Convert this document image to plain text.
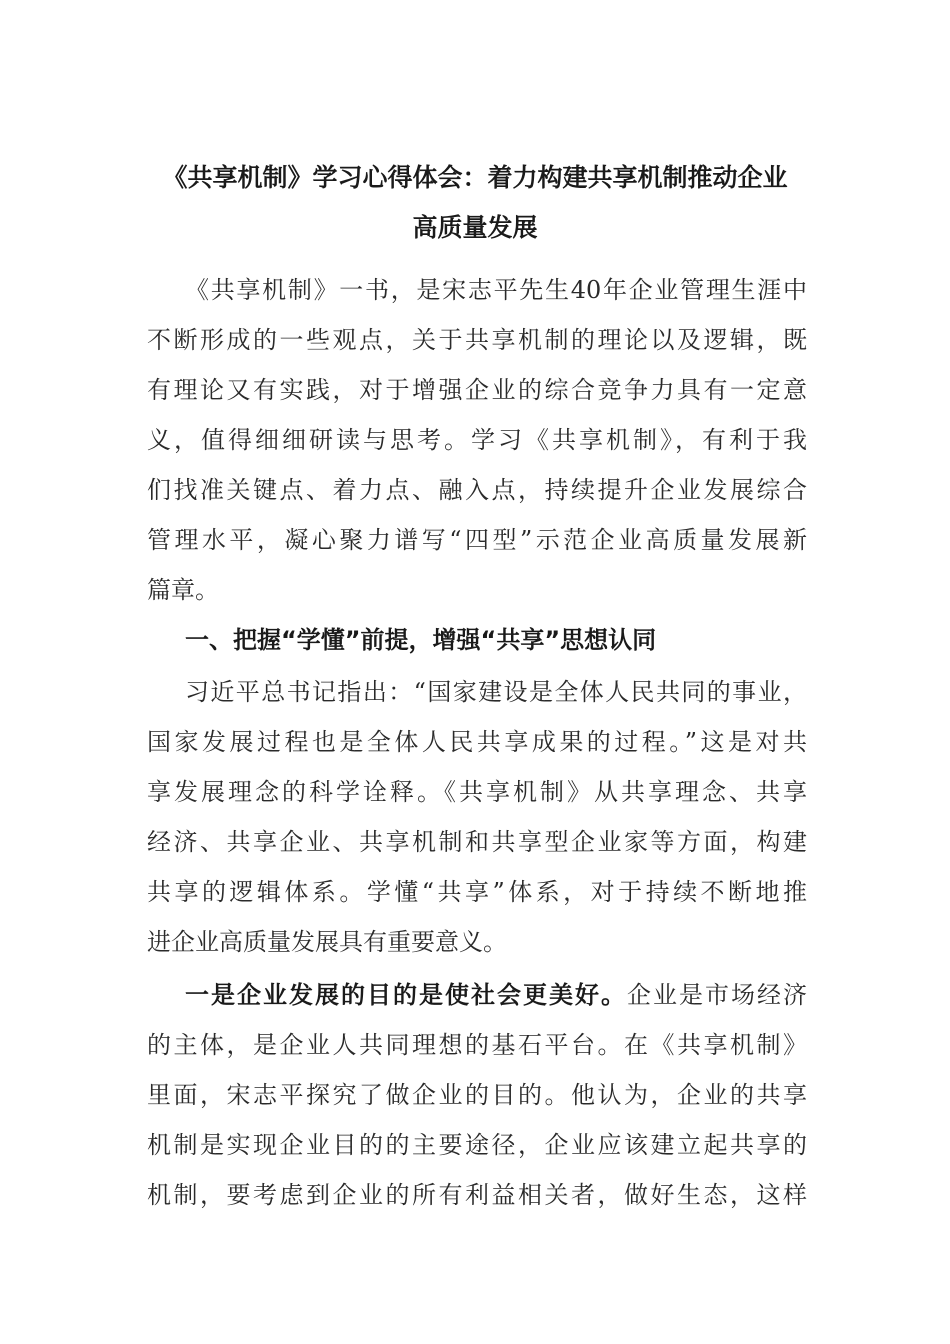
《共享机制》学习心得体会：着力构建共享机制推动企业
高质量发展

《共享机制》一书，是宋志平先生40年企业管理生涯中

不断形成的一些观点，关于共享机制的理论以及逻辑，既

有理论又有实践，对于增强企业的综合竞争力具有一定意

义，值得细细研读与思考。学习《共享机制》，有利于我

们找准关键点、着力点、融入点，持续提升企业发展综合

管理水平，凝心聚力谱写“四型”示范企业高质量发展新

篇章。

一、把握“学懂”前提，增强“共享”思想认同

习近平总书记指出：“国家建设是全体人民共同的事业，

国家发展过程也是全体人民共享成果的过程。”这是对共

享发展理念的科学诠释。《共享机制》从共享理念、共享

经济、共享企业、共享机制和共享型企业家等方面，构建

共享的逻辑体系。学懂“共享”体系，对于持续不断地推

进企业高质量发展具有重要意义。

一是企业发展的目的是使社会更美好。企业是市场经济

的主体，是企业人共同理想的基石平台。在《共享机制》

里面，宋志平探究了做企业的目的。他认为，企业的共享

机制是实现企业目的的主要途径，企业应该建立起共享的

机制，要考虑到企业的所有利益相关者，做好生态，这样
